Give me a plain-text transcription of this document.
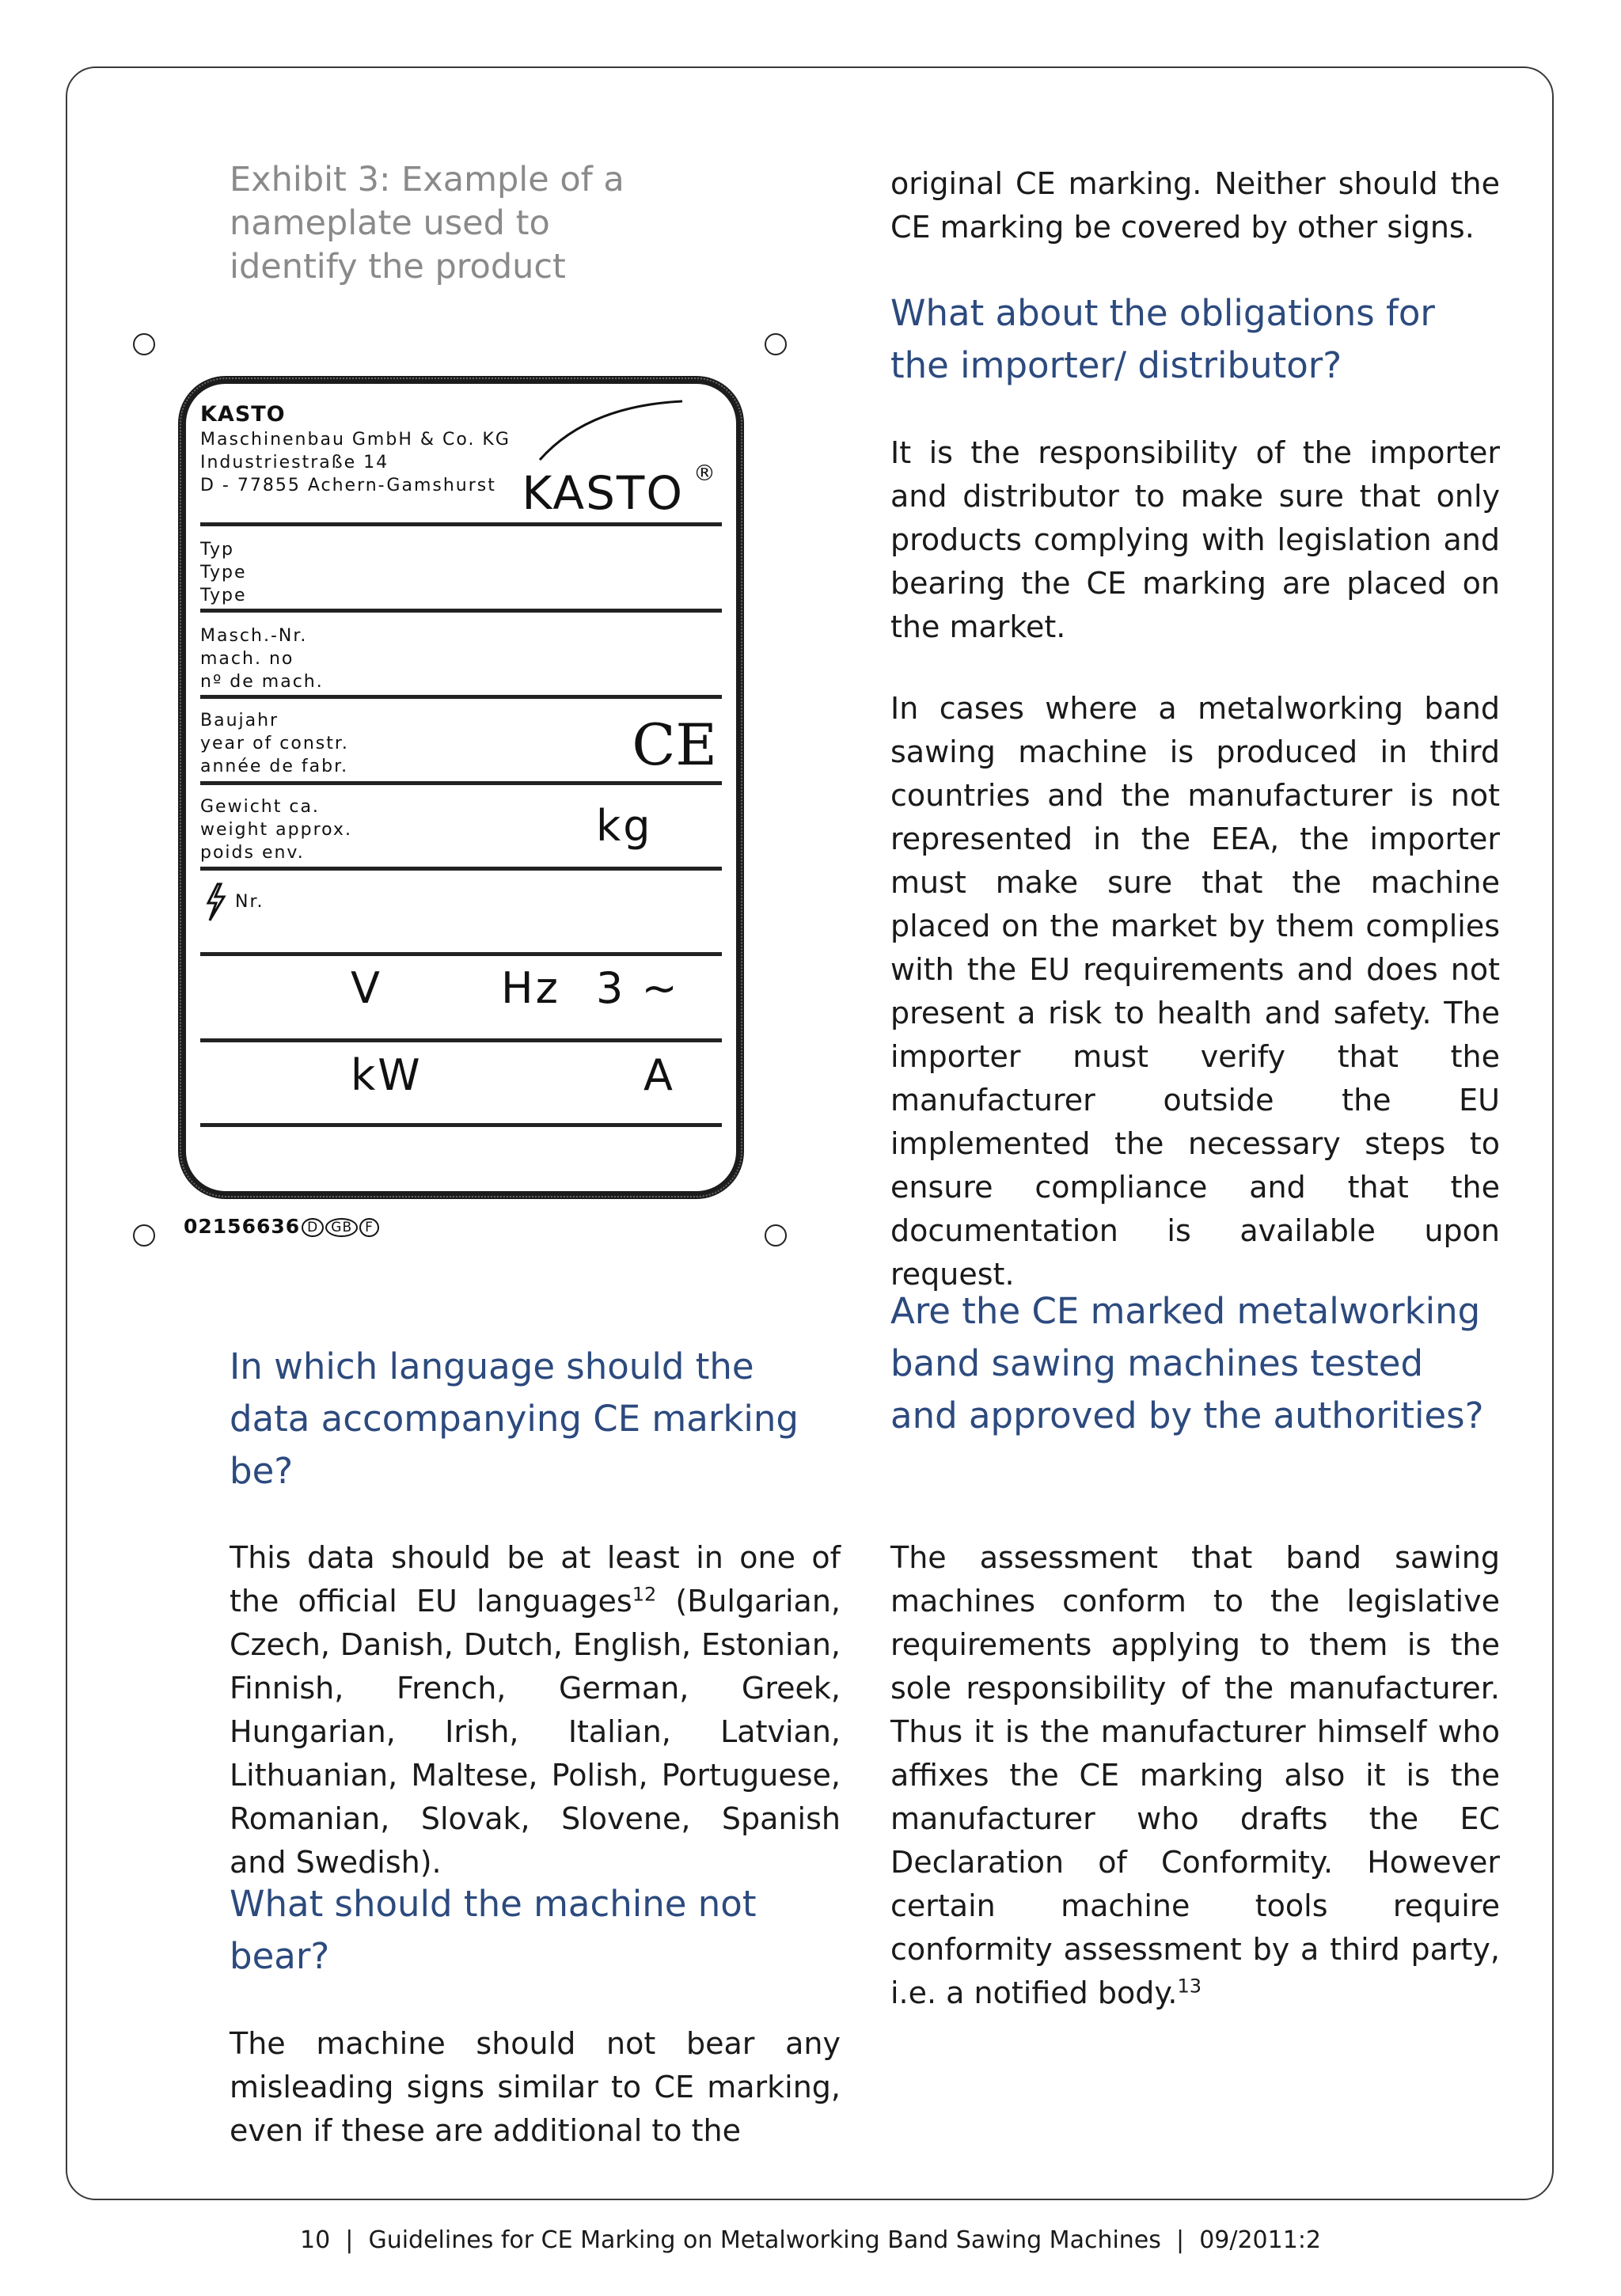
Exhibit 3: Example of a

nameplate used to

identify the product

KASTO
Maschinenbau GmbH & Co. KG
Industriestraße 14
D - 77855 Achern-Gamshurst KASTO ®
Typ
Type
Type
Masch.-Nr.
mach. no
nº de mach.
Baujahr
year of constr.
année de fabr.	CE
Gewicht ca.
weight approx.
poids env.
kg
Nr.
V	Hz 3 ~
kW	A
02156636 D GB F
In which language should the data accompanying CE marking be?

This data should be at least in one of the official EU languages$^{12}$ (Bulgarian, Czech, Danish, Dutch, English, Estonian, Finnish, French, German, Greek, Hungarian, Irish, Italian, Latvian, Lithuanian, Maltese, Polish, Portuguese, Romanian, Slovak, Slovene, Spanish and Swedish).

What should the machine not bear?

The machine should not bear any misleading signs similar to CE marking, even if these are additional to the

original CE marking. Neither should the CE marking be covered by other signs.

What about the obligations for the importer/ distributor?

It is the responsibility of the importer and distributor to make sure that only products complying with legislation and bearing the CE marking are placed on the market.

In cases where a metalworking band sawing machine is produced in third countries and the manufacturer is not represented in the EEA, the importer must make sure that the machine placed on the market by them complies with the EU requirements and does not present a risk to health and safety. The importer must verify that the manufacturer outside the EU implemented the necessary steps to ensure compliance and that the documentation is available upon request.

Are the CE marked metalworking band sawing machines tested and approved by the authorities?

The assessment that band sawing machines conform to the legislative requirements applying to them is the sole responsibility of the manufacturer. Thus it is the manufacturer himself who affixes the CE marking also it is the manufacturer who drafts the EC Declaration of Conformity. However certain machine tools require conformity assessment by a third party, i.e. a notified body.$^{13}$

10  |  Guidelines for CE Marking on Metalworking Band Sawing Machines  |  09/2011:2
